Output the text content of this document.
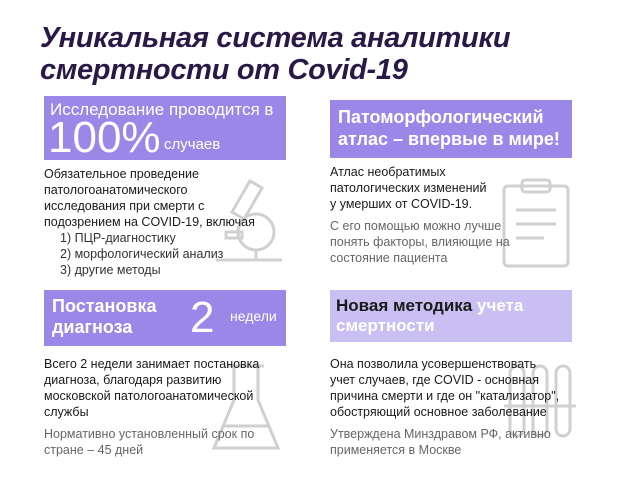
Уникальная система аналитики
смертности от Covid-19
Исследование проводится в
100% случаев
Обязательное проведение
патологоанатомического
исследования при смерти с
подозрением на COVID-19, включая
1) ПЦР-диагностику
2) морфологический анализ
3) другие методы
Патоморфологический
атлас – впервые в мире!
Атлас необратимых
патологических изменений
у умерших от COVID-19.
С его помощью можно лучше
понять факторы, влияющие на
состояние пациента
Постановка
диагноза	2 недели
Всего 2 недели занимает постановка
диагноза, благодаря развитию
московской патологоанатомической
службы
Нормативно установленный срок по
стране – 45 дней
Новая методика учета
смертности
Она позволила усовершенствовать
учет случаев, где COVID - основная
причина смерти и где он "катализатор",
обостряющий основное заболевание
Утверждена Минздравом РФ, активно
применяется в Москве
